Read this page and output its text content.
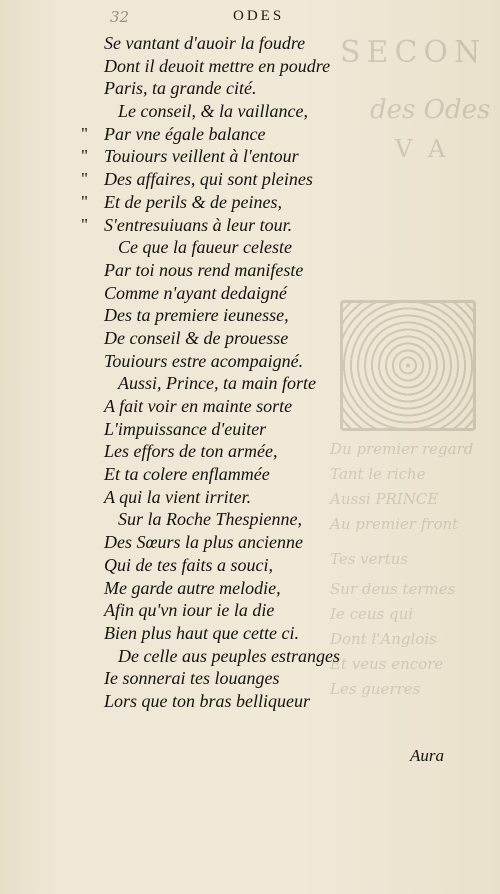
SECON
des Odes
V A
Du premier regard
Tant le riche
Aussi PRINCE
Au premier front
Tes vertus
Sur deus termes
Ie ceus qui
Dont l'Anglois
Et veus encore
Les guerres
32	ODES
Se vantant d'auoir la foudre
Dont il deuoit mettre en poudre
Paris, ta grande cité.
Le conseil, & la vaillance,
" Par vne égale balance
" Touiours veillent à l'entour
" Des affaires, qui sont pleines
" Et de perils & de peines,
" S'entresuiuans à leur tour.
Ce que la faueur celeste
Par toi nous rend manifeste
Comme n'ayant dedaigné
Des ta premiere ieunesse,
De conseil & de prouesse
Touiours estre acompaigné.
Aussi, Prince, ta main forte
A fait voir en mainte sorte
L'impuissance d'euiter
Les effors de ton armée,
Et ta colere enflammée
A qui la vient irriter.
Sur la Roche Thespienne,
Des Sœurs la plus ancienne
Qui de tes faits a souci,
Me garde autre melodie,
Afin qu'vn iour ie la die
Bien plus haut que cette ci.
De celle aus peuples estranges
Ie sonnerai tes louanges
Lors que ton bras belliqueur
Aura
